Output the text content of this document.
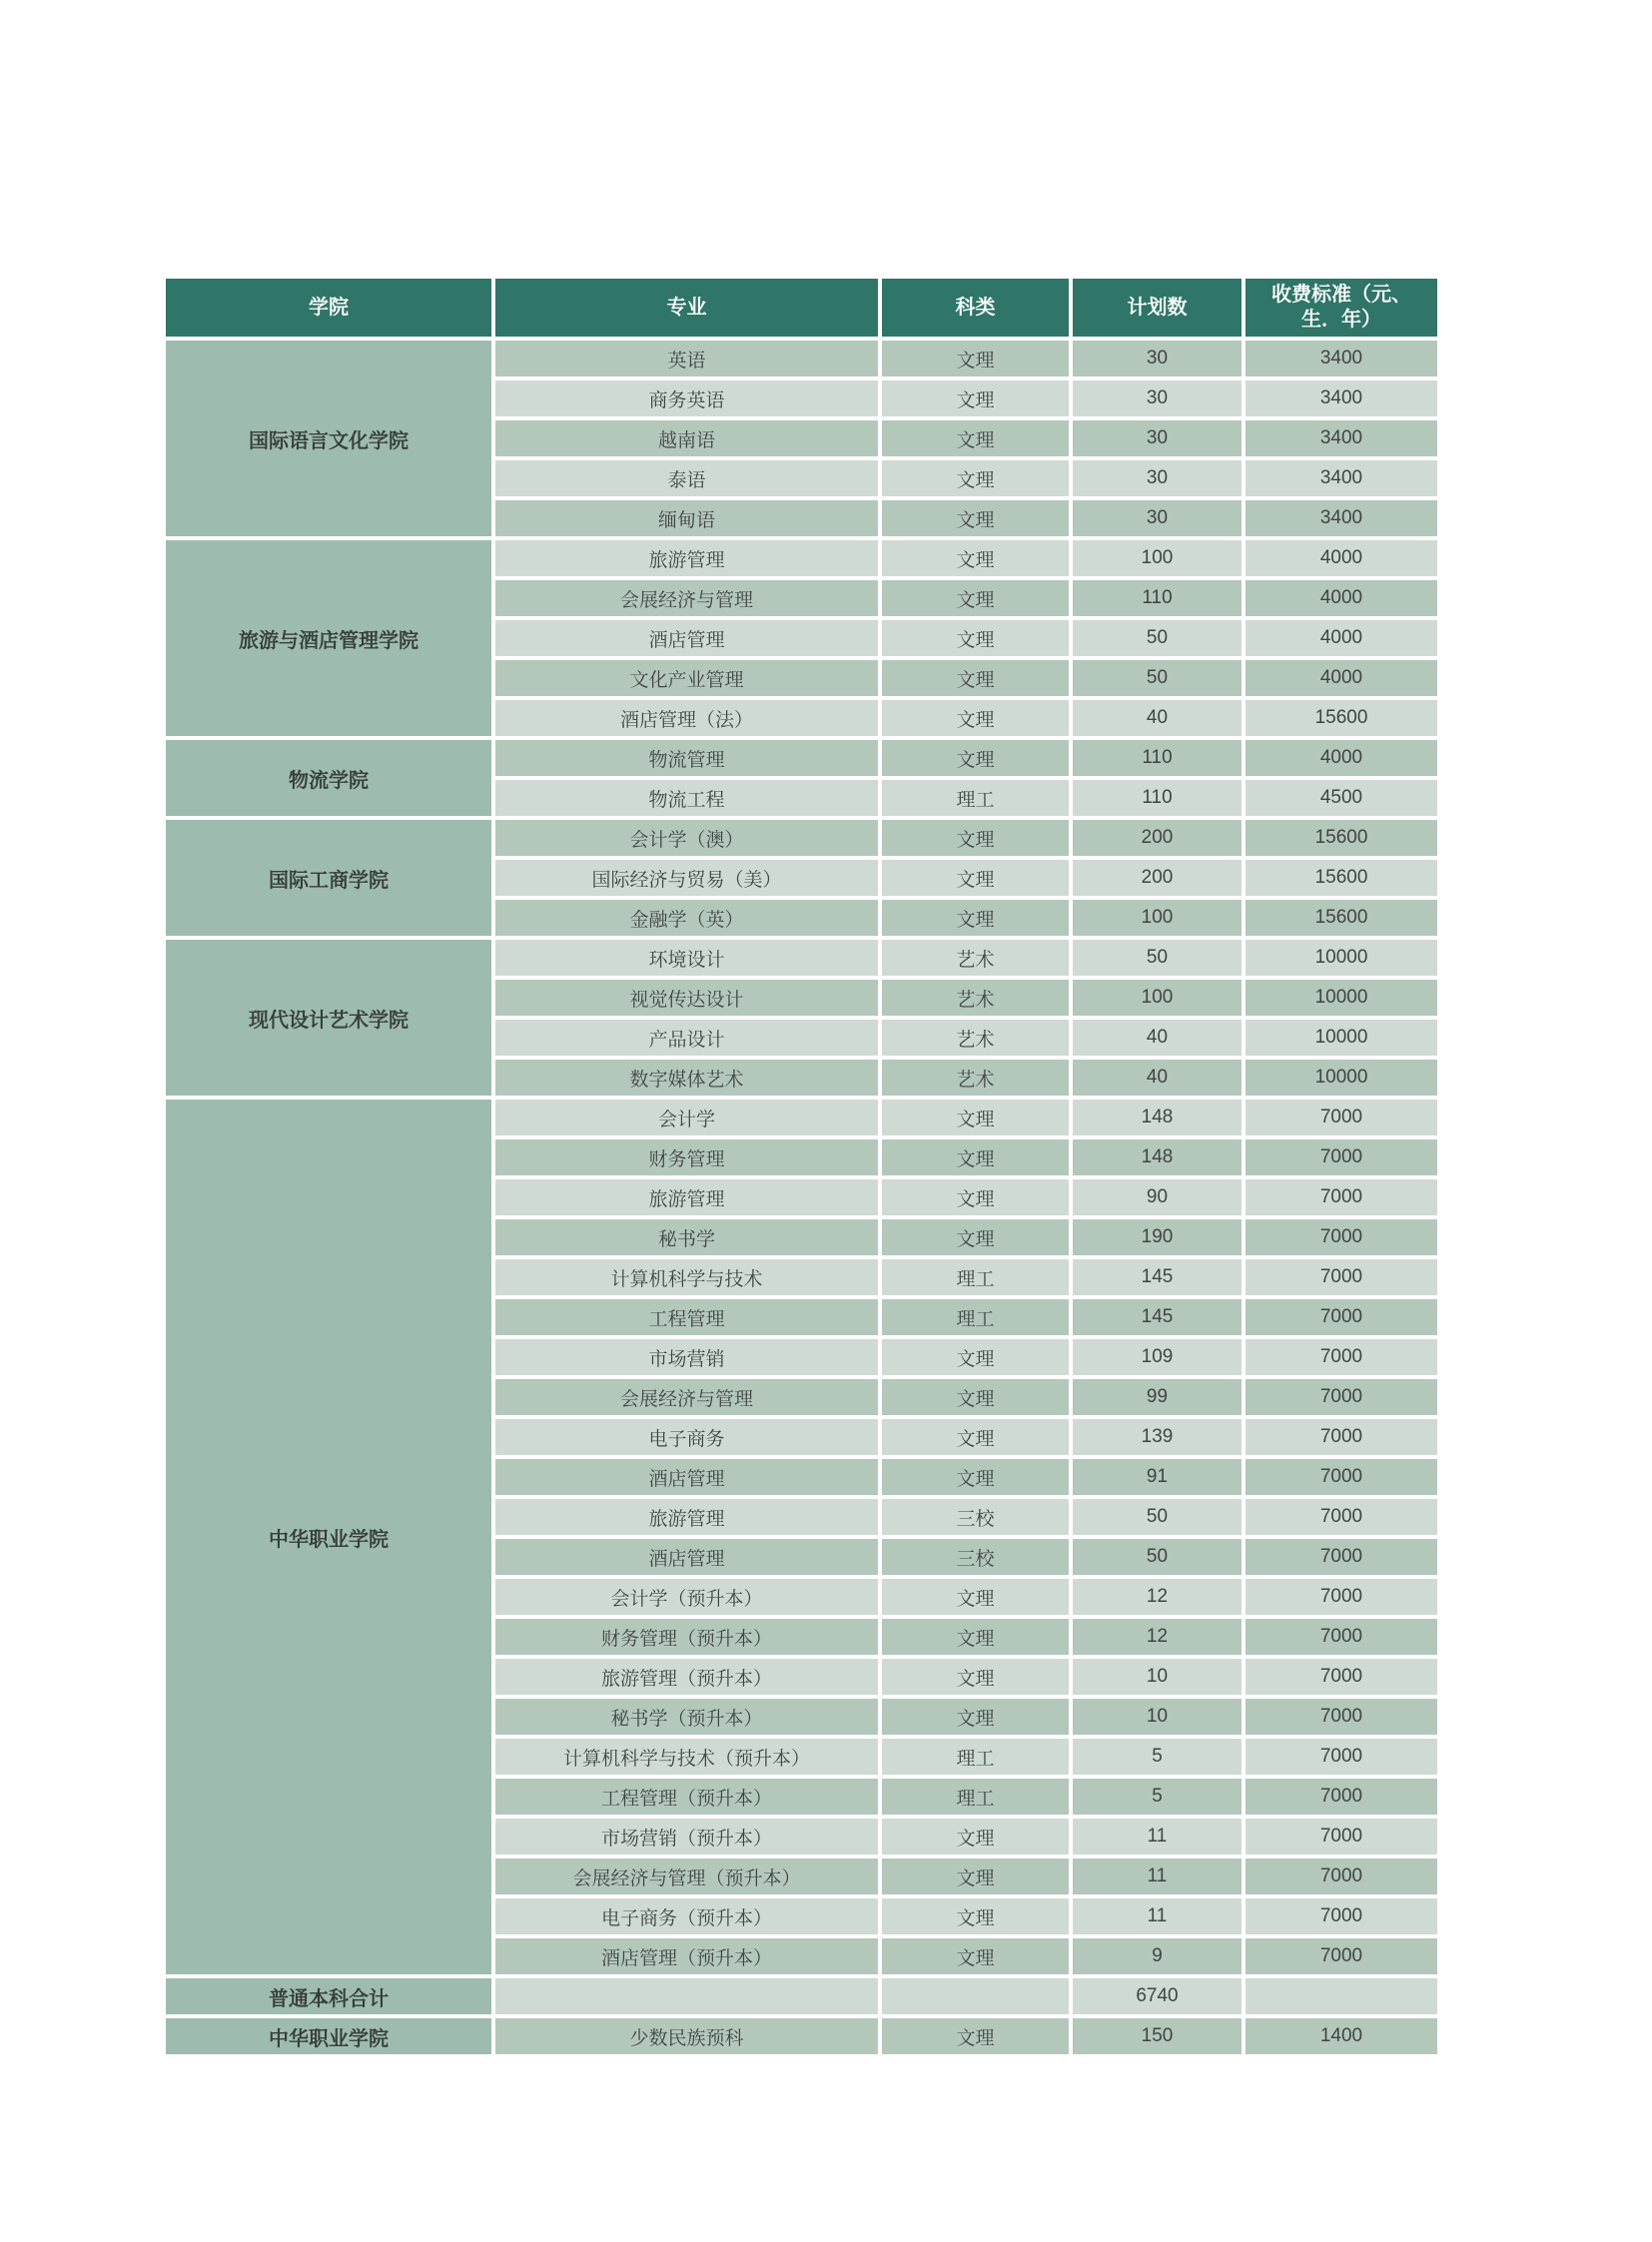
学院	专业	科类	计划数	收费标准（元、
生．年）

国际语言文化学院	英语	文理	30	3400
	商务英语	文理	30	3400
	越南语	文理	30	3400
	泰语	文理	30	3400
	缅甸语	文理	30	3400
旅游与酒店管理学院	旅游管理	文理	100	4000
	会展经济与管理	文理	110	4000
	酒店管理	文理	50	4000
	文化产业管理	文理	50	4000
	酒店管理（法）	文理	40	15600
物流学院	物流管理	文理	110	4000
	物流工程	理工	110	4500
国际工商学院	会计学（澳）	文理	200	15600
	国际经济与贸易（美）	文理	200	15600
	金融学（英）	文理	100	15600
现代设计艺术学院	环境设计	艺术	50	10000
	视觉传达设计	艺术	100	10000
	产品设计	艺术	40	10000
	数字媒体艺术	艺术	40	10000
中华职业学院	会计学	文理	148	7000
	财务管理	文理	148	7000
	旅游管理	文理	90	7000
	秘书学	文理	190	7000
	计算机科学与技术	理工	145	7000
	工程管理	理工	145	7000
	市场营销	文理	109	7000
	会展经济与管理	文理	99	7000
	电子商务	文理	139	7000
	酒店管理	文理	91	7000
	旅游管理	三校	50	7000
	酒店管理	三校	50	7000
	会计学（预升本）	文理	12	7000
	财务管理（预升本）	文理	12	7000
	旅游管理（预升本）	文理	10	7000
	秘书学（预升本）	文理	10	7000
	计算机科学与技术（预升本）	理工	5	7000
	工程管理（预升本）	理工	5	7000
	市场营销（预升本）	文理	11	7000
	会展经济与管理（预升本）	文理	11	7000
	电子商务（预升本）	文理	11	7000
	酒店管理（预升本）	文理	9	7000
普通本科合计			6740	
中华职业学院	少数民族预科	文理	150	1400
